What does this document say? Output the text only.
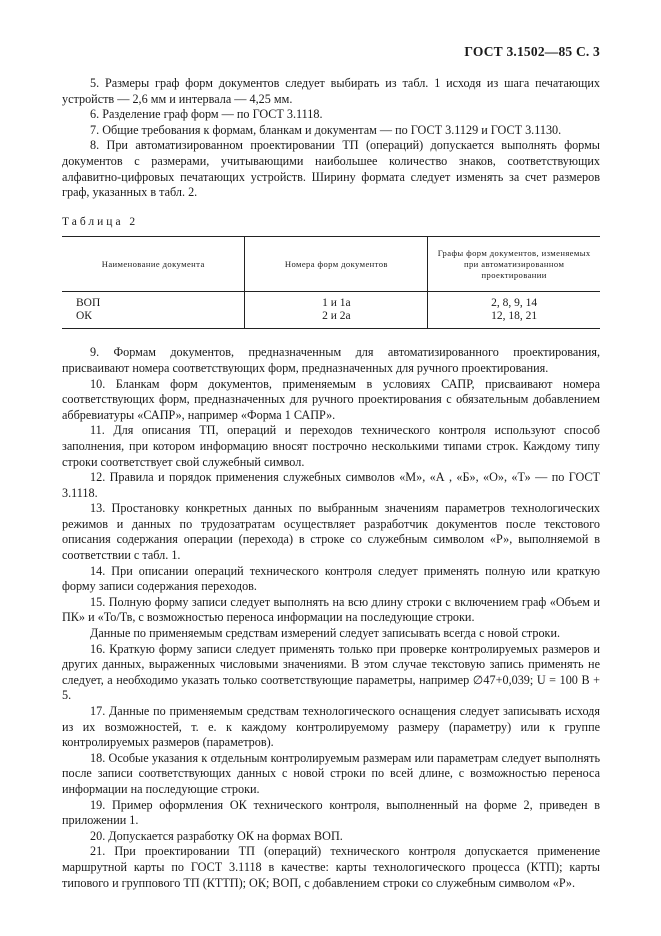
ГОСТ 3.1502—85 С. 3

5. Размеры граф форм документов следует выбирать из табл. 1 исходя из шага печатающих устройств — 2,6 мм и интервала — 4,25 мм.

6. Разделение граф форм — по ГОСТ 3.1118.

7. Общие требования к формам, бланкам и документам — по ГОСТ 3.1129 и ГОСТ 3.1130.

8. При автоматизированном проектировании ТП (операций) допускается выполнять формы документов с размерами, учитывающими наибольшее количество знаков, соответствующих алфавитно-цифровых печатающих устройств. Ширину формата следует изменять за счет размеров граф, указанных в табл. 2.

Таблица 2

Наименование документа	Номера форм документов	Графы форм документов, изменяемых при автоматизированном проектировании
ВОП	1 и 1а	2, 8, 9, 14
ОК	2 и 2а	12, 18, 21

9. Формам документов, предназначенным для автоматизированного проектирования, присваивают номера соответствующих форм, предназначенных для ручного проектирования.

10. Бланкам форм документов, применяемым в условиях САПР, присваивают номера соответствующих форм, предназначенных для ручного проектирования с обязательным добавлением аббревиатуры «САПР», например «Форма 1 САПР».

11. Для описания ТП, операций и переходов технического контроля используют способ заполнения, при котором информацию вносят построчно несколькими типами строк. Каждому типу строки соответствует свой служебный символ.

12. Правила и порядок применения служебных символов «М», «А , «Б», «О», «Т» — по ГОСТ 3.1118.

13. Простановку конкретных данных по выбранным значениям параметров технологических режимов и данных по трудозатратам осуществляет разработчик документов после текстового описания содержания операции (перехода) в строке со служебным символом «Р», выполняемой в соответствии с табл. 1.

14. При описании операций технического контроля следует применять полную или краткую форму записи содержания переходов.

15. Полную форму записи следует выполнять на всю длину строки с включением граф «Объем и ПК» и «То/Тв, с возможностью переноса информации на последующие строки.

Данные по применяемым средствам измерений следует записывать всегда с новой строки.

16. Краткую форму записи следует применять только при проверке контролируемых размеров и других данных, выраженных числовыми значениями. В этом случае текстовую запись применять не следует, а необходимо указать только соответствующие параметры, например ∅47+0,039; U = 100 В + 5.

17. Данные по применяемым средствам технологического оснащения следует записывать исходя из их возможностей, т. е. к каждому контролируемому размеру (параметру) или к группе контролируемых размеров (параметров).

18. Особые указания к отдельным контролируемым размерам или параметрам следует выполнять после записи соответствующих данных с новой строки по всей длине, с возможностью переноса информации на последующие строки.

19. Пример оформления ОК технического контроля, выполненный на форме 2, приведен в приложении 1.

20. Допускается разработку ОК на формах ВОП.

21. При проектировании ТП (операций) технического контроля допускается применение маршрутной карты по ГОСТ 3.1118 в качестве: карты технологического процесса (КТП); карты типового и группового ТП (КТТП); ОК; ВОП, с добавлением строки со служебным символом «Р».
